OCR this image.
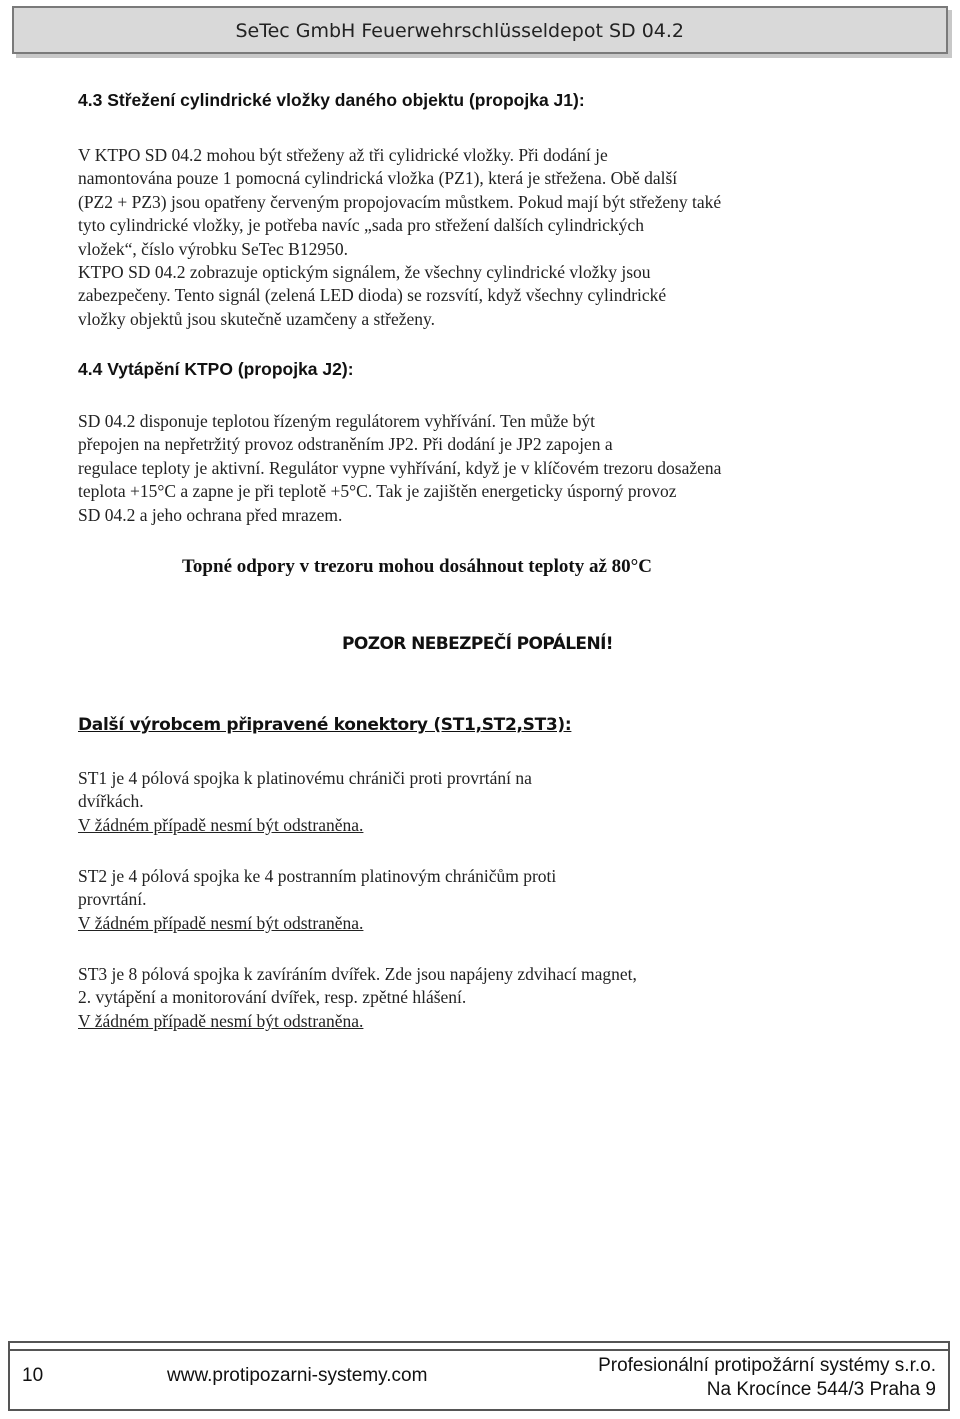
SeTec GmbH Feuerwehrschlüsseldepot SD 04.2
4.3 Střežení cylindrické vložky daného objektu (propojka J1):
V KTPO SD 04.2 mohou být střeženy až tři cylidrické vložky. Při dodání je
namontována pouze 1 pomocná cylindrická vložka (PZ1), která je střežena. Obě další
(PZ2 + PZ3) jsou opatřeny červeným propojovacím můstkem. Pokud mají být střeženy také
tyto cylindrické vložky, je potřeba navíc „sada pro střežení dalších cylindrických
vložek“, číslo výrobku SeTec B12950.
KTPO SD 04.2 zobrazuje optickým signálem, že všechny cylindrické vložky jsou
zabezpečeny. Tento signál (zelená LED dioda) se rozsvítí, když všechny cylindrické
vložky objektů jsou skutečně uzamčeny a střeženy.
4.4 Vytápění KTPO (propojka J2):
SD 04.2 disponuje teplotou řízeným regulátorem vyhřívání. Ten může být
přepojen na nepřetržitý provoz odstraněním JP2. Při dodání je JP2 zapojen a
regulace teploty je aktivní. Regulátor vypne vyhřívání, když je v klíčovém trezoru dosažena
teplota +15°C a zapne je při teplotě +5°C. Tak je zajištěn energeticky úsporný provoz
SD 04.2 a jeho ochrana před mrazem.
Topné odpory v trezoru mohou dosáhnout teploty až 80°C
POZOR NEBEZPEČÍ POPÁLENÍ!
Další výrobcem připravené konektory (ST1,ST2,ST3):
ST1 je 4 pólová spojka k platinovému chrániči proti provrtání na
dvířkách.
V žádném případě nesmí být odstraněna.
ST2 je 4 pólová spojka ke 4 postranním platinovým chráničům proti
provrtání.
V žádném případě nesmí být odstraněna.
ST3 je 8 pólová spojka k zavíráním dvířek. Zde jsou napájeny zdvihací magnet,
2. vytápění a monitorování dvířek, resp. zpětné hlášení.
V žádném případě nesmí být odstraněna.
10	www.protipozarni-systemy.com	Profesionální protipožární systémy s.r.o.
Na Krocínce 544/3 Praha 9
